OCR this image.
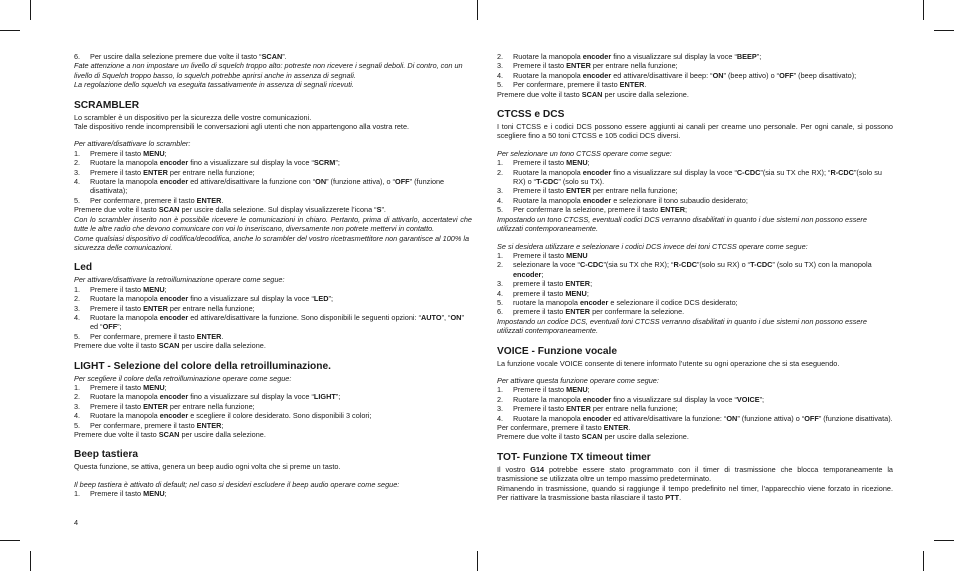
6.	Per uscire dalla selezione premere due volte il tasto “SCAN”.

Fate attenzione a non impostare un livello di squelch troppo alto: potreste non ricevere i segnali deboli. Di contro, con un livello di Squelch troppo basso, lo squelch potrebbe aprirsi anche in assenza di segnali.

La regolazione dello squelch va eseguita tassativamente in assenza di segnali ricevuti.

SCRAMBLER

Lo scrambler è un dispositivo per la sicurezza delle vostre comunicazioni.

Tale dispositivo rende incomprensibili le conversazioni agli utenti che non appartengono alla vostra rete.

Per attivare/disattivare lo scrambler:

1.	Premere il tasto MENU;
2.	Ruotare la manopola encoder fino a visualizzare sul display la voce “SCRM”;
3.	Premere il tasto ENTER per entrare nella funzione;
4.	Ruotare la manopola encoder ed attivare/disattivare la funzione con “ON” (funzione attiva), o “OFF” (funzione disattivata);
5.	Per confermare, premere il tasto ENTER.

Premere due volte il tasto SCAN per uscire dalla selezione. Sul display visualizzerete l’icona “S”.

Con lo scrambler inserito non è possibile ricevere le comunicazioni in chiaro. Pertanto, prima di attivarlo, accertatevi che tutte le altre radio che devono comunicare con voi lo inseriscano, diversamente non potrete mettervi in contatto.

Come qualsiasi dispositivo di codifica/decodifica, anche lo scrambler del vostro ricetrasmettitore non garantisce al 100% la sicurezza delle comunicazioni.

Led

Per attivare/disattivare la retroilluminazione operare come segue:

1.	Premere il tasto MENU;
2.	Ruotare la manopola encoder fino a visualizzare sul display la voce “LED”;
3.	Premere il tasto ENTER per entrare nella funzione;
4.	Ruotare la manopola encoder ed attivare/disattivare la funzione. Sono disponibili le seguenti opzioni: “AUTO”, “ON” ed “OFF”;
5.	Per confermare, premere il tasto ENTER.

Premere due volte il tasto SCAN per uscire dalla selezione.

LIGHT - Selezione del colore della retroilluminazione.

Per scegliere il colore della retroilluminazione operare come segue:

1.	Premere il tasto MENU;
2.	Ruotare la manopola encoder fino a visualizzare sul display la voce “LIGHT”;
3.	Premere il tasto ENTER per entrare nella funzione;
4.	Ruotare la manopola encoder e scegliere il colore desiderato. Sono disponibili 3 colori;
5.	Per confermare, premere il tasto ENTER;

Premere due volte il tasto SCAN per uscire dalla selezione.

Beep tastiera

Questa funzione, se attiva, genera un beep audio ogni volta che si preme un tasto.

Il beep tastiera è attivato di default; nel caso si desideri escludere il beep audio operare come segue:

1.	Premere il tasto MENU;
2.	Ruotare la manopola encoder fino a visualizzare sul display la voce “BEEP”;
3.	Premere il tasto ENTER per entrare nella funzione;
4.	Ruotare la manopola encoder ed attivare/disattivare il beep: “ON” (beep attivo) o “OFF” (beep disattivato);
5.	Per confermare, premere il tasto ENTER.

Premere due volte il tasto SCAN per uscire dalla selezione.

CTCSS e DCS

I toni CTCSS e i codici DCS possono essere aggiunti ai canali per crearne uno personale. Per ogni canale, si possono scegliere fino a 50 toni CTCSS e 105 codici DCS diversi.

Per selezionare un tono CTCSS operare come segue:

1.	Premere il tasto MENU;
2.	Ruotare la manopola encoder fino a visualizzare sul display la voce “C-CDC”(sia su TX che RX); “R-CDC”(solo su RX) o “T-CDC” (solo su TX).
3.	Premere il tasto ENTER per entrare nella funzione;
4.	Ruotare la manopola encoder e selezionare il tono subaudio desiderato;
5.	Per confermare la selezione, premere il tasto ENTER;

Impostando un tono CTCSS, eventuali codici DCS verranno disabilitati in quanto i due sistemi non possono essere utilizzati contemporaneamente.

Se si desidera utilizzare e selezionare i codici DCS invece dei toni CTCSS operare come segue:

1.	Premere il tasto MENU
2.	selezionare la voce “C-CDC”(sia su TX che RX); “R-CDC”(solo su RX) o “T-CDC” (solo su TX) con la manopola encoder;
3.	premere il tasto ENTER;
4.	premere il tasto MENU;
5.	ruotare la manopola encoder e selezionare il codice DCS desiderato;
6.	premere il tasto ENTER per confermare la selezione.

Impostando un codice DCS, eventuali toni CTCSS verranno disabilitati in quanto i due sistemi non possono essere utilizzati contemporaneamente.

VOICE - Funzione vocale

La funzione vocale VOICE consente di tenere informato l’utente su ogni operazione che si sta eseguendo.

Per attivare questa funzione operare come segue:

1.	Premere il tasto MENU;
2.	Ruotare la manopola encoder fino a visualizzare sul display la voce “VOICE”;
3.	Premere il tasto ENTER per entrare nella funzione;
4.	Ruotare la manopola encoder ed attivare/disattivare la funzione: “ON” (funzione attiva) o “OFF” (funzione disattivata).

Per confermare, premere il tasto ENTER.

Premere due volte il tasto SCAN per uscire dalla selezione.

TOT- Funzione TX timeout timer

Il vostro G14 potrebbe essere stato programmato con il timer di trasmissione che blocca temporaneamente la trasmissione se utilizzata oltre un tempo massimo predeterminato.

Rimanendo in trasmissione, quando si raggiunge il tempo predefinito nel timer, l’apparecchio viene forzato in ricezione. Per riattivare la trasmissione basta rilasciare il tasto PTT.

4
